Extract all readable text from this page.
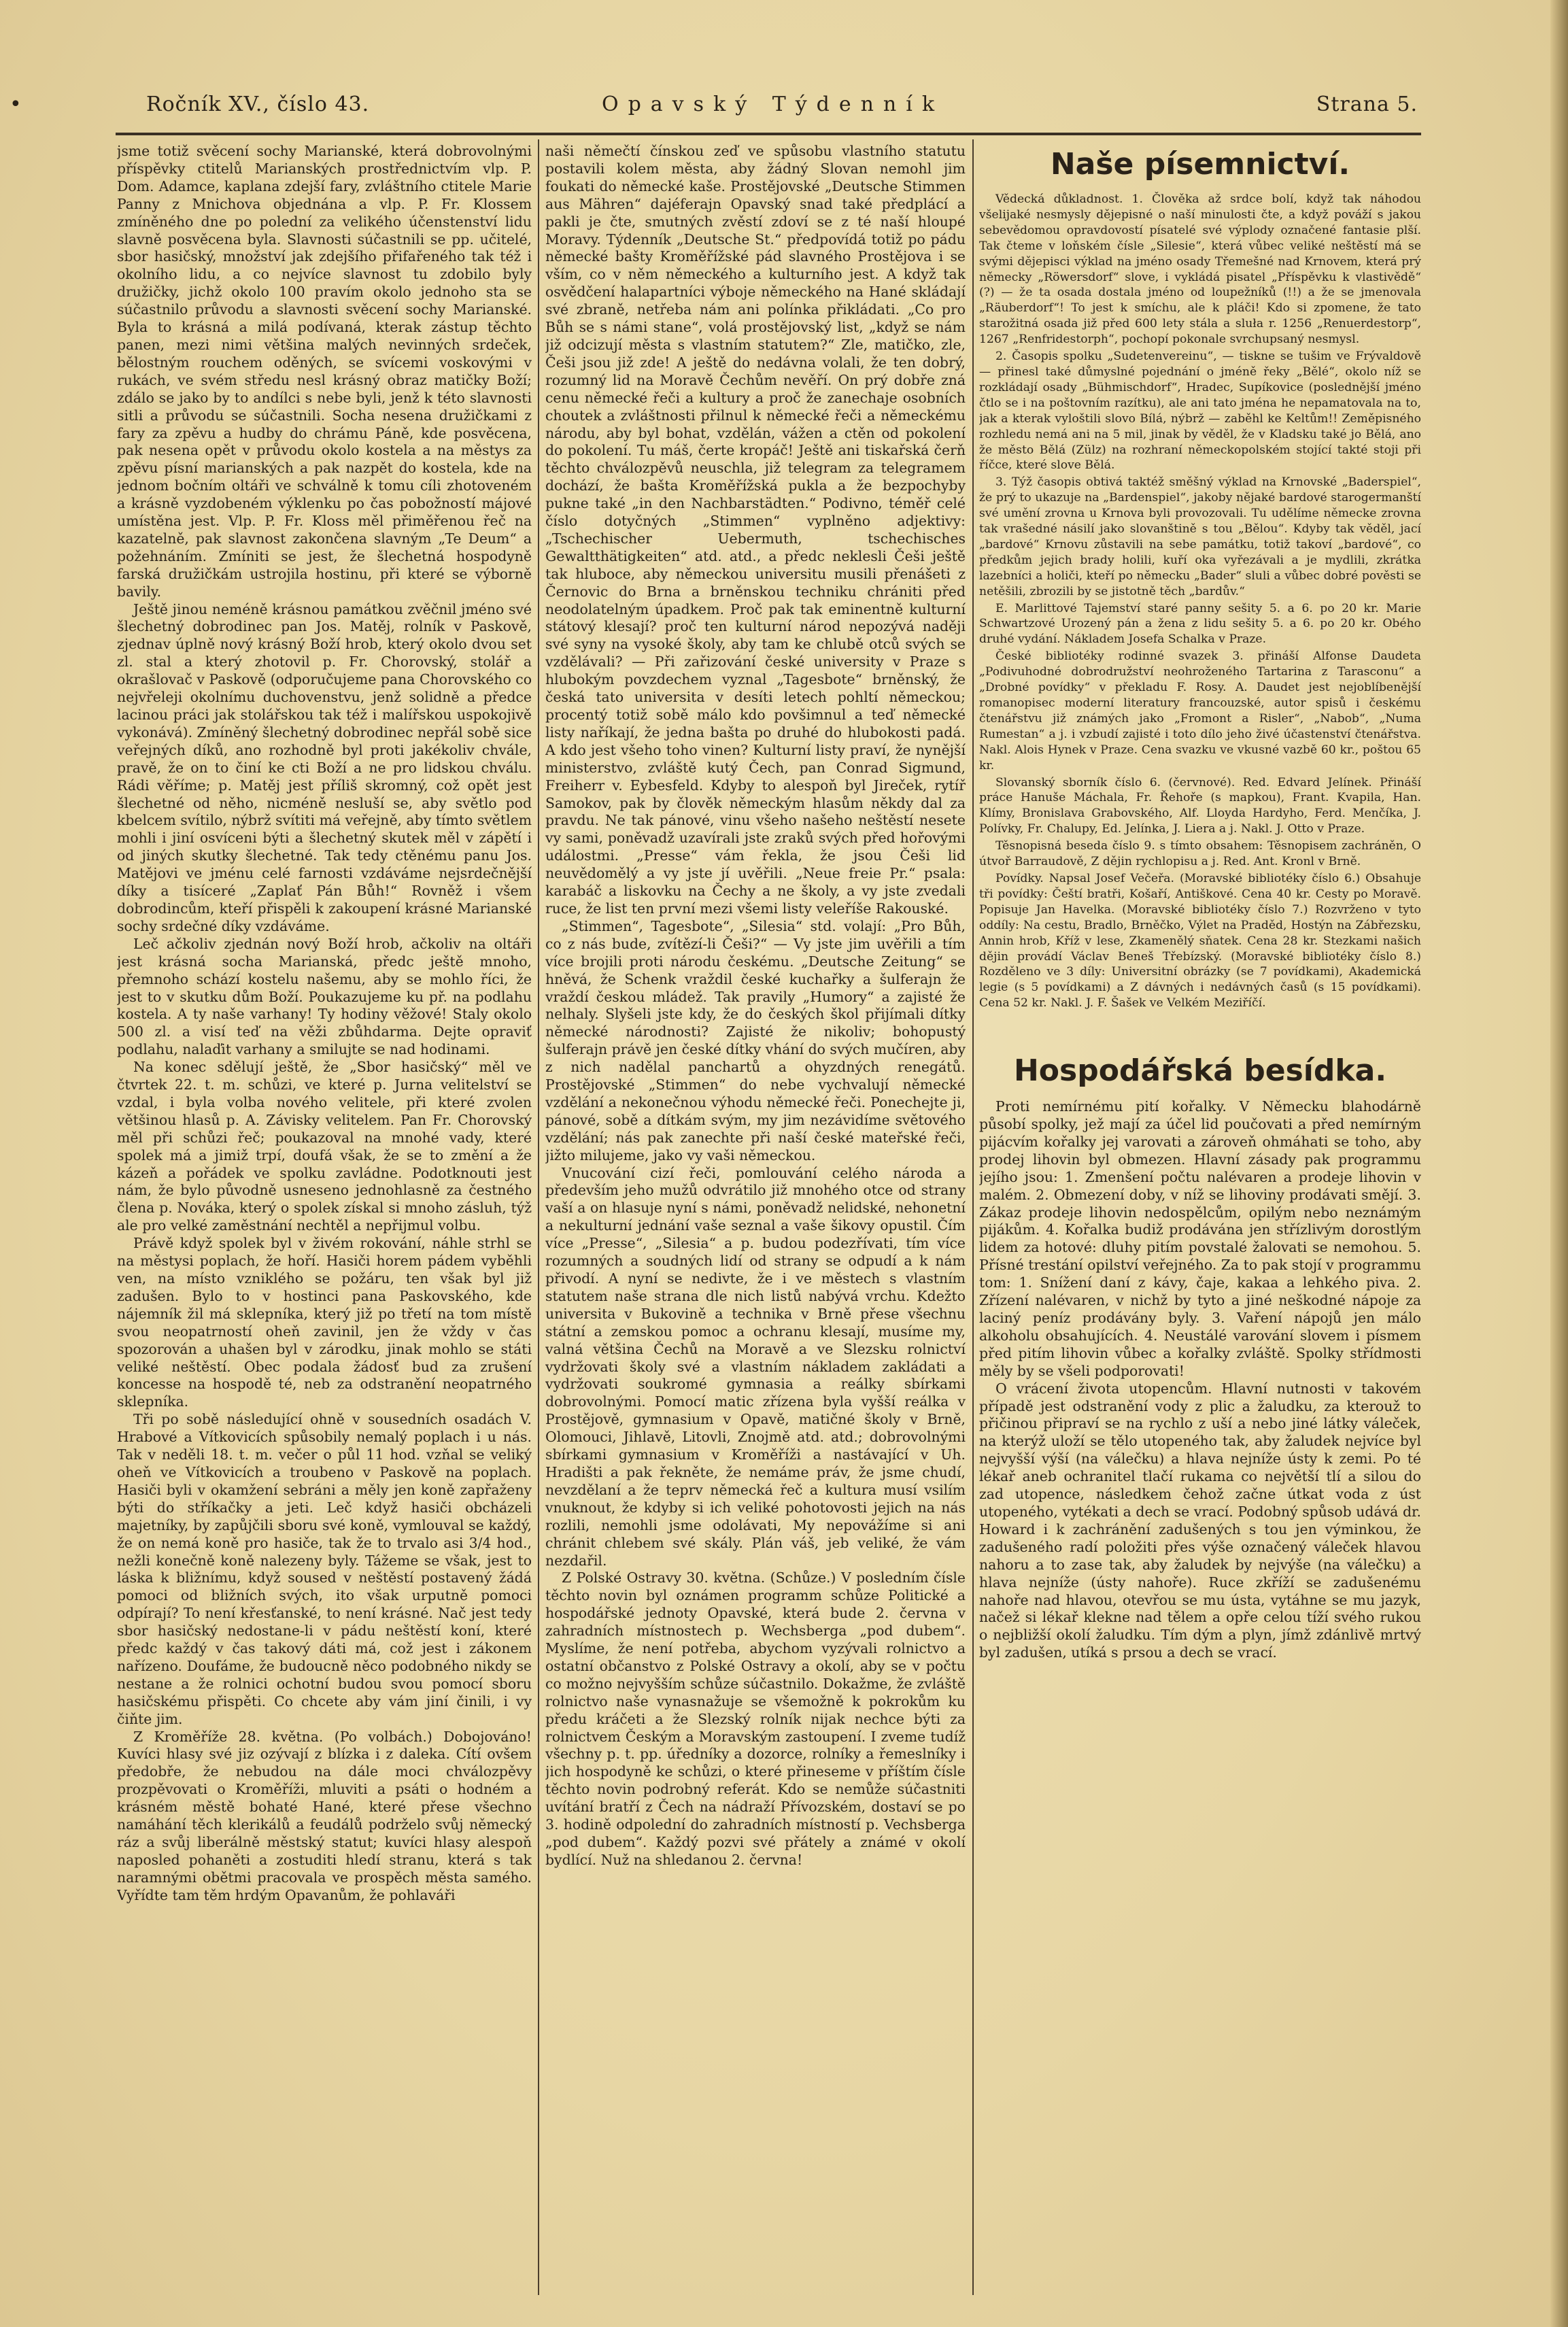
•	Ročník XV., číslo 43.	Opavský Týdenník	Strana 5.

jsme totiž svěcení sochy Marianské, která dobrovolnými příspěvky ctitelů Marianských prostřednictvím vlp. P. Dom. Adamce, kaplana zdejší fary, zvláštního ctitele Marie Panny z Mnichova objednána a vlp. P. Fr. Klossem zmíněného dne po polední za velikého účenstenství lidu slavně posvěcena byla. Slavnosti súčastnili se pp. učitelé, sbor hasičský, množství jak zdejšího přifařeného tak též i okolního lidu, a co nejvíce slavnost tu zdobilo byly družičky, jichž okolo 100 pravím okolo jednoho sta se súčastnilo průvodu a slavnosti svěcení sochy Marianské. Byla to krásná a milá podívaná, kterak zástup těchto panen, mezi nimi většina malých nevinných srdeček, bělostným rouchem oděných, se svícemi voskovými v rukách, ve svém středu nesl krásný obraz matičky Boží; zdálo se jako by to andílci s nebe byli, jenž k této slavnosti sitli a průvodu se súčastnili. Socha nesena družičkami z fary za zpěvu a hudby do chrámu Páně, kde posvěcena, pak nesena opět v průvodu okolo kostela a na městys za zpěvu písní marianských a pak nazpět do kostela, kde na jednom bočním oltáři ve schválně k tomu cíli zhotoveném a krásně vyzdobeném výklenku po čas pobožností májové umístěna jest. Vlp. P. Fr. Kloss měl přiměřenou řeč na kazatelně, pak slavnost zakončena slavným „Te Deum“ a požehnáním. Zmíniti se jest, že šlechetná hospodyně farská družičkám ustrojila hostinu, při které se výborně bavily.

Ještě jinou neméně krásnou památkou zvěčnil jméno své šlechetný dobrodinec pan Jos. Matěj, rolník v Paskově, zjednav úplně nový krásný Boží hrob, který okolo dvou set zl. stal a který zhotovil p. Fr. Chorovský, stolář a okrašlovač v Paskově (odporučujeme pana Chorovského co nejvřeleji okolnímu duchovenstvu, jenž solidně a předce lacinou práci jak stolářskou tak též i malířskou uspokojivě vykonává). Zmíněný šlechetný dobrodinec nepřál sobě sice veřejných díků, ano rozhodně byl proti jakékoliv chvále, pravě, že on to činí ke cti Boží a ne pro lidskou chválu. Rádi věříme; p. Matěj jest příliš skromný, což opět jest šlechetné od něho, nicméně nesluší se, aby světlo pod kbelcem svítilo, nýbrž svítiti má veřejně, aby tímto světlem mohli i jiní osvíceni býti a šlechetný skutek měl v zápětí i od jiných skutky šlechetné. Tak tedy ctěnému panu Jos. Matějovi ve jménu celé farnosti vzdáváme nejsrdečnější díky a tisíceré „Zaplať Pán Bůh!“ Rovněž i všem dobrodincům, kteří přispěli k zakoupení krásné Marianské sochy srdečné díky vzdáváme.

Leč ačkoliv zjednán nový Boží hrob, ačkoliv na oltáři jest krásná socha Marianská, předc ještě mnoho, přemnoho schází kostelu našemu, aby se mohlo říci, že jest to v skutku dům Boží. Poukazujeme ku př. na podlahu kostela. A ty naše varhany! Ty hodiny věžové! Staly okolo 500 zl. a visí teď na věži zbůhdarma. Dejte opraviť podlahu, nalaďit varhany a smilujte se nad hodinami.

Na konec sdělují ještě, že „Sbor hasičský“ měl ve čtvrtek 22. t. m. schůzi, ve které p. Jurna velitelství se vzdal, i byla volba nového velitele, při které zvolen většinou hlasů p. A. Závisky velitelem. Pan Fr. Chorovský měl při schůzi řeč; poukazoval na mnohé vady, které spolek má a jimiž trpí, doufá však, že se to změní a že kázeň a pořádek ve spolku zavládne. Podotknouti jest nám, že bylo původně usneseno jednohlasně za čestného člena p. Nováka, který o spolek získal si mnoho zásluh, týž ale pro velké zaměstnání nechtěl a nepřijmul volbu.

Právě když spolek byl v živém rokování, náhle strhl se na městysi poplach, že hoří. Hasiči horem pádem vyběhli ven, na místo vzniklého se požáru, ten však byl již zadušen. Bylo to v hostinci pana Paskovského, kde nájemník žil má sklepníka, který již po třetí na tom místě svou neopatrností oheň zavinil, jen že vždy v čas spozorován a uhašen byl v zárodku, jinak mohlo se státi veliké neštěstí. Obec podala žádosť bud za zrušení koncesse na hospodě té, neb za odstranění neopatrného sklepníka.

Tři po sobě následující ohně v sousedních osadách V. Hrabové a Vítkovicích spůsobily nemalý poplach i u nás. Tak v neděli 18. t. m. večer o půl 11 hod. vzňal se veliký oheň ve Vítkovicích a troubeno v Paskově na poplach. Hasiči byli v okamžení sebráni a měly jen koně zapřaženy býti do stříkačky a jeti. Leč když hasiči obcházeli majetníky, by zapůjčili sboru své koně, vymlouval se každý, že on nemá koně pro hasiče, tak že to trvalo asi 3/4 hod., nežli konečně koně nalezeny byly. Tážeme se však, jest to láska k bližnímu, když soused v neštěstí postavený žádá pomoci od bližních svých, ito však urputně pomoci odpírají? To není křesťanské, to není krásné. Nač jest tedy sbor hasičský nedostane-li v pádu neštěstí koní, které předc každý v čas takový dáti má, což jest i zákonem nařízeno. Doufáme, že budoucně něco podobného nikdy se nestane a že rolnici ochotní budou svou pomocí sboru hasičskému přispěti. Co chcete aby vám jiní činili, i vy čiňte jim.

Z Kroměříže 28. května. (Po volbách.) Dobojováno! Kuvíci hlasy své jiz ozývají z blízka i z daleka. Cítí ovšem předobře, že nebudou na dále moci chválozpěvy prozpěvovati o Kroměříži, mluviti a psáti o hodném a krásném městě bohaté Hané, které přese všechno namáhání těch klerikálů a feudálů podrželo svůj německý ráz a svůj liberálně městský statut; kuvíci hlasy alespoň naposled pohaněti a zostuditi hledí stranu, která s tak naramnými obětmi pracovala ve prospěch města samého. Vyřídte tam těm hrdým Opavanům, že pohlaváři

naši němečtí čínskou zeď ve spůsobu vlastního statutu postavili kolem města, aby žádný Slovan nemohl jim foukati do německé kaše. Prostějovské „Deutsche Stimmen aus Mähren“ dajéferajn Opavský snad také předplácí a pakli je čte, smutných zvěstí zdoví se z té naší hloupé Moravy. Týdenník „Deutsche St.“ předpovídá totiž po pádu německé bašty Kroměřížské pád slavného Prostějova i se vším, co v něm německého a kulturního jest. A když tak osvědčení halapartníci výboje německého na Hané skládají své zbraně, netřeba nám ani polínka přikládati. „Co pro Bůh se s námi stane“, volá prostějovský list, „když se nám již odcizují města s vlastním statutem?“ Zle, matičko, zle, Češi jsou již zde! A ještě do nedávna volali, že ten dobrý, rozumný lid na Moravě Čechům nevěří. On prý dobře zná cenu německé řeči a kultury a proč že zanechaje osobních choutek a zvláštnosti přilnul k německé řeči a německému národu, aby byl bohat, vzdělán, vážen a ctěn od pokolení do pokolení. Tu máš, čerte kropáč! Ještě ani tiskařská čerň těchto chválozpěvů neuschla, již telegram za telegramem dochází, že bašta Kroměřížská pukla a že bezpochyby pukne také „in den Nachbarstädten.“ Podivno, téměř celé číslo dotyčných „Stimmen“ vyplněno adjektivy: „Tschechischer Uebermuth, tschechisches Gewaltthätigkeiten“ atd. atd., a předc neklesli Češi ještě tak hluboce, aby německou universitu musili přenášeti z Černovic do Brna a brněnskou techniku chrániti před neodolatelným úpadkem. Proč pak tak eminentně kulturní státový klesají? proč ten kulturní národ nepozývá naději své syny na vysoké školy, aby tam ke chlubě otců svých se vzdělávali? — Při zařizování české university v Praze s hlubokým povzdechem vyznal „Tagesbote“ brněnský, že česká tato universita v desíti letech pohltí německou; procentý totiž sobě málo kdo povšimnul a teď německé listy naříkají, že jedna bašta po druhé do hlubokosti padá. A kdo jest všeho toho vinen? Kulturní listy praví, že nynější ministerstvo, zvláště kutý Čech, pan Conrad Sigmund, Freiherr v. Eybesfeld. Kdyby to alespoň byl Jireček, rytíř Samokov, pak by člověk německým hlasům někdy dal za pravdu. Ne tak pánové, vinu všeho našeho neštěstí nesete vy sami, poněvadž uzavírali jste zraků svých před hořovými událostmi. „Presse“ vám řekla, že jsou Češi lid neuvědomělý a vy jste jí uvěřili. „Neue freie Pr.“ psala: karabáč a liskovku na Čechy a ne školy, a vy jste zvedali ruce, že list ten první mezi všemi listy veleříše Rakouské.

„Stimmen“, Tagesbote“, „Silesia“ std. volají: „Pro Bůh, co z nás bude, zvítězí-li Češi?“ — Vy jste jim uvěřili a tím více brojili proti národu českému. „Deutsche Zeitung“ se hněvá, že Schenk vraždil české kuchařky a šulferajn že vraždí českou mládež. Tak pravily „Humory“ a zajisté že nelhaly. Slyšeli jste kdy, že do českých škol přijímali dítky německé národnosti? Zajisté že nikoliv; bohopustý šulferajn právě jen české dítky vhání do svých mučíren, aby z nich nadělal panchartů a ohyzdných renegátů. Prostějovské „Stimmen“ do nebe vychvalují německé vzdělání a nekonečnou výhodu německé řeči. Ponechejte ji, pánové, sobě a dítkám svým, my jim nezávidíme světového vzdělání; nás pak zanechte při naší české mateřské řeči, jižto milujeme, jako vy vaši německou.

Vnucování cizí řeči, pomlouvání celého národa a především jeho mužů odvrátilo již mnohého otce od strany vaší a on hlasuje nyní s námi, poněvadž nelidské, nehonetní a nekulturní jednání vaše seznal a vaše šikovy opustil. Čím více „Presse“, „Silesia“ a p. budou podezřívati, tím více rozumných a soudných lidí od strany se odpudí a k nám přivodí. A nyní se nedivte, že i ve městech s vlastním statutem naše strana dle nich listů nabývá vrchu. Kdežto universita v Bukovině a technika v Brně přese všechnu státní a zemskou pomoc a ochranu klesají, musíme my, valná většina Čechů na Moravě a ve Slezsku rolnictví vydržovati školy své a vlastním nákladem zakládati a vydržovati soukromé gymnasia a reálky sbírkami dobrovolnými. Pomocí matic zřízena byla vyšší reálka v Prostějově, gymnasium v Opavě, matičné školy v Brně, Olomouci, Jihlavě, Litovli, Znojmě atd. atd.; dobrovolnými sbírkami gymnasium v Kroměříži a nastávající v Uh. Hradišti a pak řekněte, že nemáme práv, že jsme chudí, nevzdělaní a že teprv německá řeč a kultura musí vsilím vnuknout, že kdyby si ich veliké pohotovosti jejich na nás rozlili, nemohli jsme odolávati, My nepovážíme si ani chránit chlebem své skály. Plán váš, jeb veliké, že vám nezdařil.

Z Polské Ostravy 30. května. (Schůze.) V posledním čísle těchto novin byl oznámen programm schůze Politické a hospodářské jednoty Opavské, která bude 2. června v zahradních místnostech p. Wechsberga „pod dubem“. Myslíme, že není potřeba, abychom vyzývali rolnictvo a ostatní občanstvo z Polské Ostravy a okolí, aby se v počtu co možno nejvyšším schůze súčastnilo. Dokažme, že zvláště rolnictvo naše vynasnažuje se všemožně k pokrokům ku předu kráčeti a že Slezský rolník nijak nechce býti za rolnictvem Českým a Moravským zastoupení. I zveme tudíž všechny p. t. pp. úředníky a dozorce, rolníky a řemeslníky i jich hospodyně ke schůzi, o které přineseme v příštím čísle těchto novin podrobný referát. Kdo se nemůže súčastniti uvítání bratří z Čech na nádraží Přívozském, dostaví se po 3. hodině odpolední do zahradních místností p. Vechsberga „pod dubem“. Každý pozvi své přátely a známé v okolí bydlící. Nuž na shledanou 2. června!

Naše písemnictví.

Vědecká důkladnost. 1. Člověka až srdce bolí, když tak náhodou všelijaké nesmysly dějepisné o naší minulosti čte, a když pováží s jakou sebevědomou opravdovostí písatelé své výplody označené fantasie plší. Tak čteme v loňském čísle „Silesie“, která vůbec veliké neštěstí má se svými dějepisci výklad na jméno osady Třemešné nad Krnovem, která prý německy „Röwersdorf“ slove, i vykládá pisatel „Příspěvku k vlastivědě“ (?) — že ta osada dostala jméno od loupežníků (!!) a že se jmenovala „Räuberdorf“! To jest k smíchu, ale k pláči! Kdo si zpomene, že tato starožitná osada již před 600 lety stála a sluła r. 1256 „Renuerdestorp“, 1267 „Renfridestorph“, pochopí pokonale svrchupsaný nesmysl.

2. Časopis spolku „Sudetenvereinu“, — tiskne se tušim ve Frývaldově — přinesl také důmyslné pojednání o jméně řeky „Bělé“, okolo níž se rozkládají osady „Bühmischdorf“, Hradec, Supíkovice (poslednější jméno čtlo se i na poštovním razítku), ale ani tato jména he nepamatovala na to, jak a kterak vyloštili slovo Bílá, nýbrž — zaběhl ke Keltům!! Zeměpisného rozhledu nemá ani na 5 mil, jinak by věděl, že v Kladsku také jo Bělá, ano že město Bělá (Zülz) na rozhraní německopolském stojící takté stoji při říčce, které slove Bělá.

3. Týž časopis obtivá taktéž směšný výklad na Krnovské „Baderspiel“, že prý to ukazuje na „Bardenspiel“, jakoby nějaké bardové starogermanští své umění zrovna u Krnova byli provozovali. Tu udělíme německe zrovna tak vrašedné násilí jako slovanštině s tou „Bělou“. Kdyby tak věděl, jací „bardové“ Krnovu zůstavili na sebe památku, totiž takoví „bardové“, co předkům jejich brady holili, kuří oka vyřezávali a je mydlili, zkrátka lazebníci a holiči, kteří po německu „Bader“ sluli a vůbec dobré pověsti se netěšili, zbrozili by se jistotně těch „bardův.“

E. Marlittové Tajemství staré panny sešity 5. a 6. po 20 kr. Marie Schwartzové Urozený pán a žena z lidu sešity 5. a 6. po 20 kr. Obého druhé vydání. Nákladem Josefa Schalka v Praze.

České bibliotéky rodinné svazek 3. přináší Alfonse Daudeta „Podivuhodné dobrodružství neohroženého Tartarina z Tarasconu“ a „Drobné povídky“ v překladu F. Rosy. A. Daudet jest nejoblíbenější romanopisec moderní literatury francouzské, autor spisů i českému čtenářstvu již známých jako „Fromont a Risler“, „Nabob“, „Numa Rumestan“ a j. i vzbudí zajisté i toto dílo jeho živé účastenství čtenářstva. Nakl. Alois Hynek v Praze. Cena svazku ve vkusné vazbě 60 kr., poštou 65 kr.

Slovanský sborník číslo 6. (červnové). Red. Edvard Jelínek. Přináší práce Hanuše Máchala, Fr. Řehoře (s mapkou), Frant. Kvapila, Han. Klímy, Bronislava Grabovského, Alf. Lloyda Hardyho, Ferd. Menčíka, J. Polívky, Fr. Chalupy, Ed. Jelínka, J. Liera a j. Nakl. J. Otto v Praze.

Těsnopisná beseda číslo 9. s tímto obsahem: Těsnopisem zachráněn, O útvoř Barraudově, Z dějin rychlopisu a j. Red. Ant. Kronl v Brně.

Povídky. Napsal Josef Večeřa. (Moravské bibliotéky číslo 6.) Obsahuje tři povídky: Čeští bratři, Košaří, Antiškové. Cena 40 kr. Cesty po Moravě. Popisuje Jan Havelka. (Moravské bibliotéky číslo 7.) Rozvrženo v tyto oddíly: Na cestu, Bradlo, Brněčko, Výlet na Praděd, Hostýn na Zábřezsku, Annin hrob, Kříž v lese, Zkamenělý sňatek. Cena 28 kr. Stezkami našich dějin provádí Václav Beneš Třebízský. (Moravské bibliotéky číslo 8.) Rozděleno ve 3 díly: Universitní obrázky (se 7 povídkami), Akademická legie (s 5 povídkami) a Z dávných i nedávných časů (s 15 povídkami). Cena 52 kr. Nakl. J. F. Šašek ve Velkém Meziříčí.

Hospodářská besídka.

Proti nemírnému pití kořalky. V Německu blahodárně působí spolky, jež mají za účel lid poučovati a před nemírným pijácvím kořalky jej varovati a zároveň ohmáhati se toho, aby prodej lihovin byl obmezen. Hlavní zásady pak programmu jejího jsou: 1. Zmenšení počtu nalévaren a prodeje lihovin v malém. 2. Obmezení doby, v níž se lihoviny prodávati smějí. 3. Zákaz prodeje lihovin nedospělcům, opilým nebo neznámým pijákům. 4. Kořalka budiž prodávána jen střízlivým dorostlým lidem za hotové: dluhy pitím povstalé žalovati se nemohou. 5. Přísné trestání opilství veřejného. Za to pak stojí v programmu tom: 1. Snížení daní z kávy, čaje, kakaa a lehkého piva. 2. Zřízení nalévaren, v nichž by tyto a jiné neškodné nápoje za laciný peníz prodávány byly. 3. Vaření nápojů jen málo alkoholu obsahujících. 4. Neustálé varování slovem i písmem před pitím lihovin vůbec a kořalky zvláště. Spolky střídmosti měly by se všeli podporovati!

O vrácení života utopencům. Hlavní nutnosti v takovém případě jest odstranění vody z plic a žaludku, za kterouž to přičinou připraví se na rychlo z uší a nebo jiné látky váleček, na kterýž uloží se tělo utopeného tak, aby žaludek nejvíce byl nejvyšší výší (na válečku) a hlava nejníže ústy k zemi. Po té lékař aneb ochranitel tlačí rukama co největší tlí a silou do zad utopence, následkem čehož začne útkat voda z úst utopeného, vytékati a dech se vrací. Podobný spůsob udává dr. Howard i k zachránění zadušených s tou jen výminkou, že zadušeného radí položiti přes výše označený váleček hlavou nahoru a to zase tak, aby žaludek by nejvýše (na válečku) a hlava nejníže (ústy nahoře). Ruce zkříží se zadušenému nahoře nad hlavou, otevřou se mu ústa, vytáhne se mu jazyk, načež si lékař klekne nad tělem a opře celou tíží svého rukou o nejbližší okolí žaludku. Tím dým a plyn, jímž zdánlivě mrtvý byl zadušen, utíká s prsou a dech se vrací.
